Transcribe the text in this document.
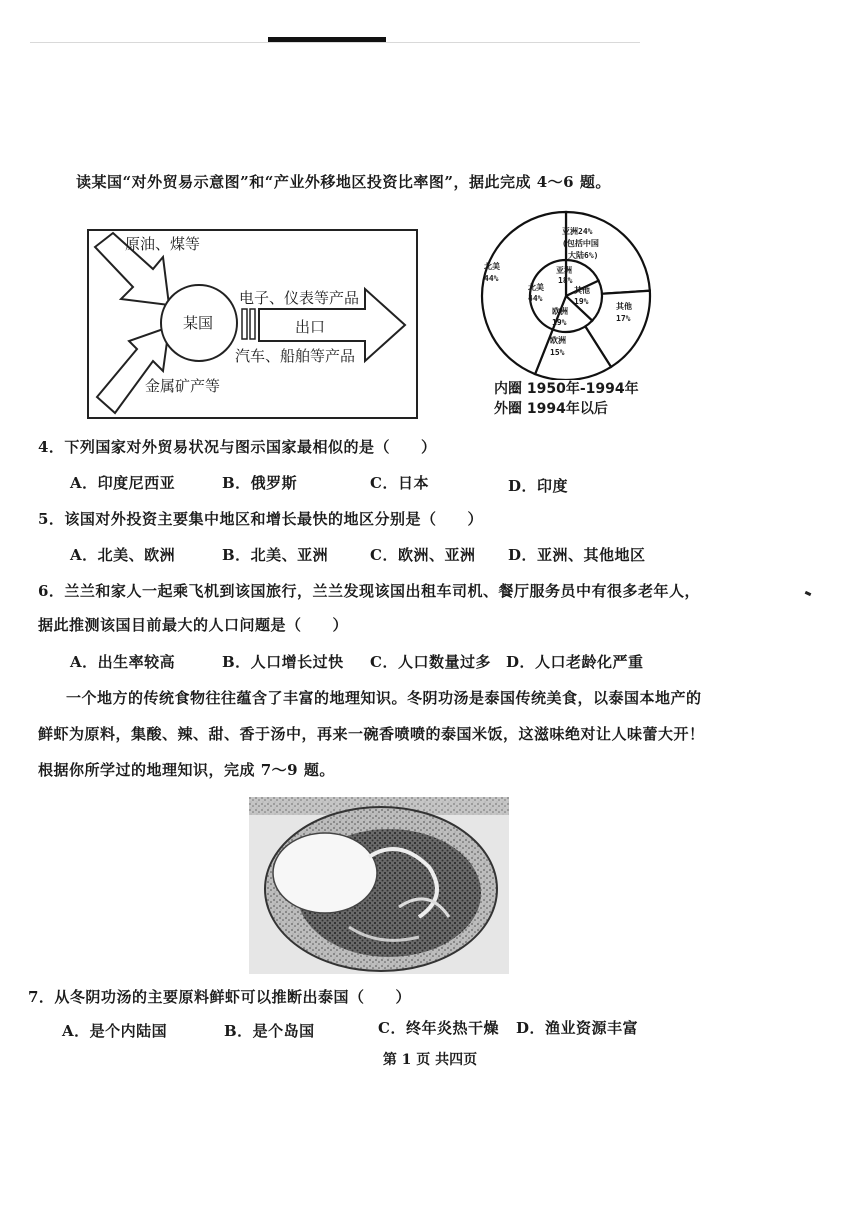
读某国“对外贸易示意图”和“产业外移地区投资比率图”，据此完成 4～6 题。
原油、煤等
金属矿产等
某国
电子、仪表等产品
出口
汽车、船舶等产品
亚洲24%
(包括中国
大陆6%)
北美
44%
其他
17%
欧洲
15%
亚洲
18%
北美
44%
其他
19%
欧洲
19%
内圈 1950年-1994年
外圈 1994年以后
4．下列国家对外贸易状况与图示国家最相似的是（　　）
A．印度尼西亚	B．俄罗斯	C．日本	D．印度
5．该国对外投资主要集中地区和增长最快的地区分别是（　　）
A．北美、欧洲	B．北美、亚洲	C．欧洲、亚洲 D．亚洲、其他地区
6．兰兰和家人一起乘飞机到该国旅行，兰兰发现该国出租车司机、餐厅服务员中有很多老年人，
据此推测该国目前最大的人口问题是（　　）
A．出生率较高	B．人口增长过快 C．人口数量过多 D．人口老龄化严重
一个地方的传统食物往往蕴含了丰富的地理知识。冬阴功汤是泰国传统美食，以泰国本地产的
鲜虾为原料，集酸、辣、甜、香于汤中，再来一碗香喷喷的泰国米饭，这滋味绝对让人味蕾大开！
根据你所学过的地理知识，完成 7～9 题。
7．从冬阴功汤的主要原料鲜虾可以推断出泰国（　　）
A．是个内陆国	B．是个岛国	C．终年炎热干燥 D．渔业资源丰富
第 1 页 共四页
